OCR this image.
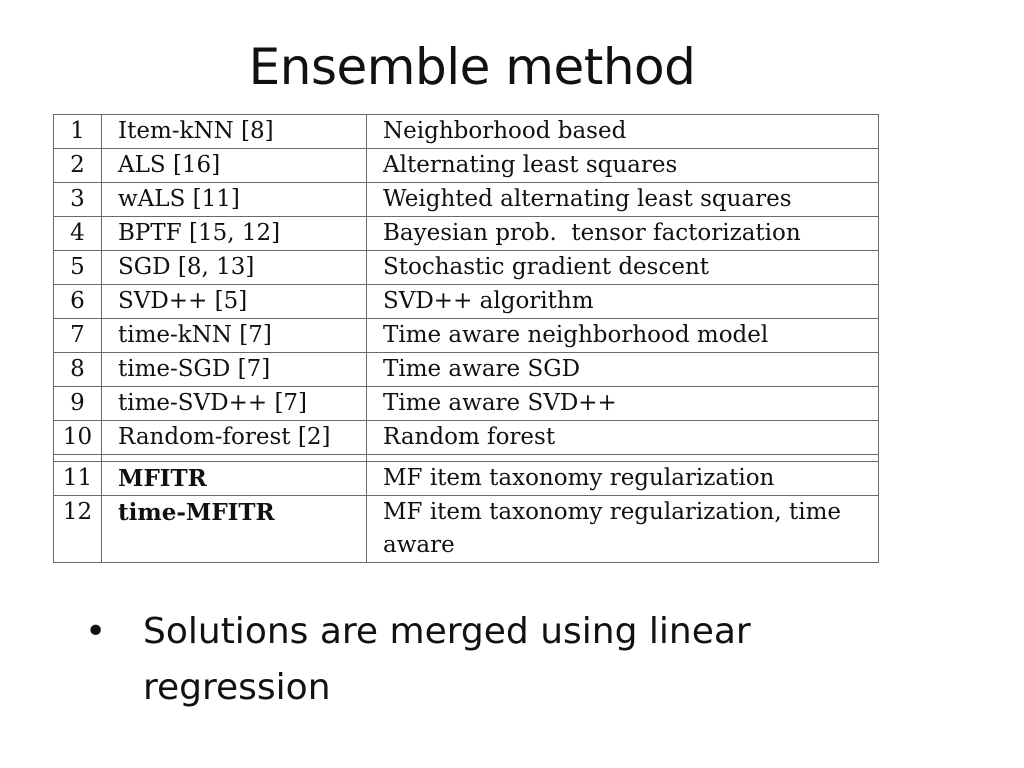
Ensemble method
1	Item-kNN [8]	Neighborhood based
2	ALS [16]	Alternating least squares
3	wALS [11]	Weighted alternating least squares
4	BPTF [15, 12]	Bayesian prob.  tensor factorization
5	SGD [8, 13]	Stochastic gradient descent
6	SVD++ [5]	SVD++ algorithm
7	time-kNN [7]	Time aware neighborhood model
8	time-SGD [7]	Time aware SGD
9	time-SVD++ [7]	Time aware SVD++
10	Random-forest [2]	Random forest

11	MFITR	MF item taxonomy regularization
12	time-MFITR	MF item taxonomy regularization, time aware
• Solutions are merged using linear regression
